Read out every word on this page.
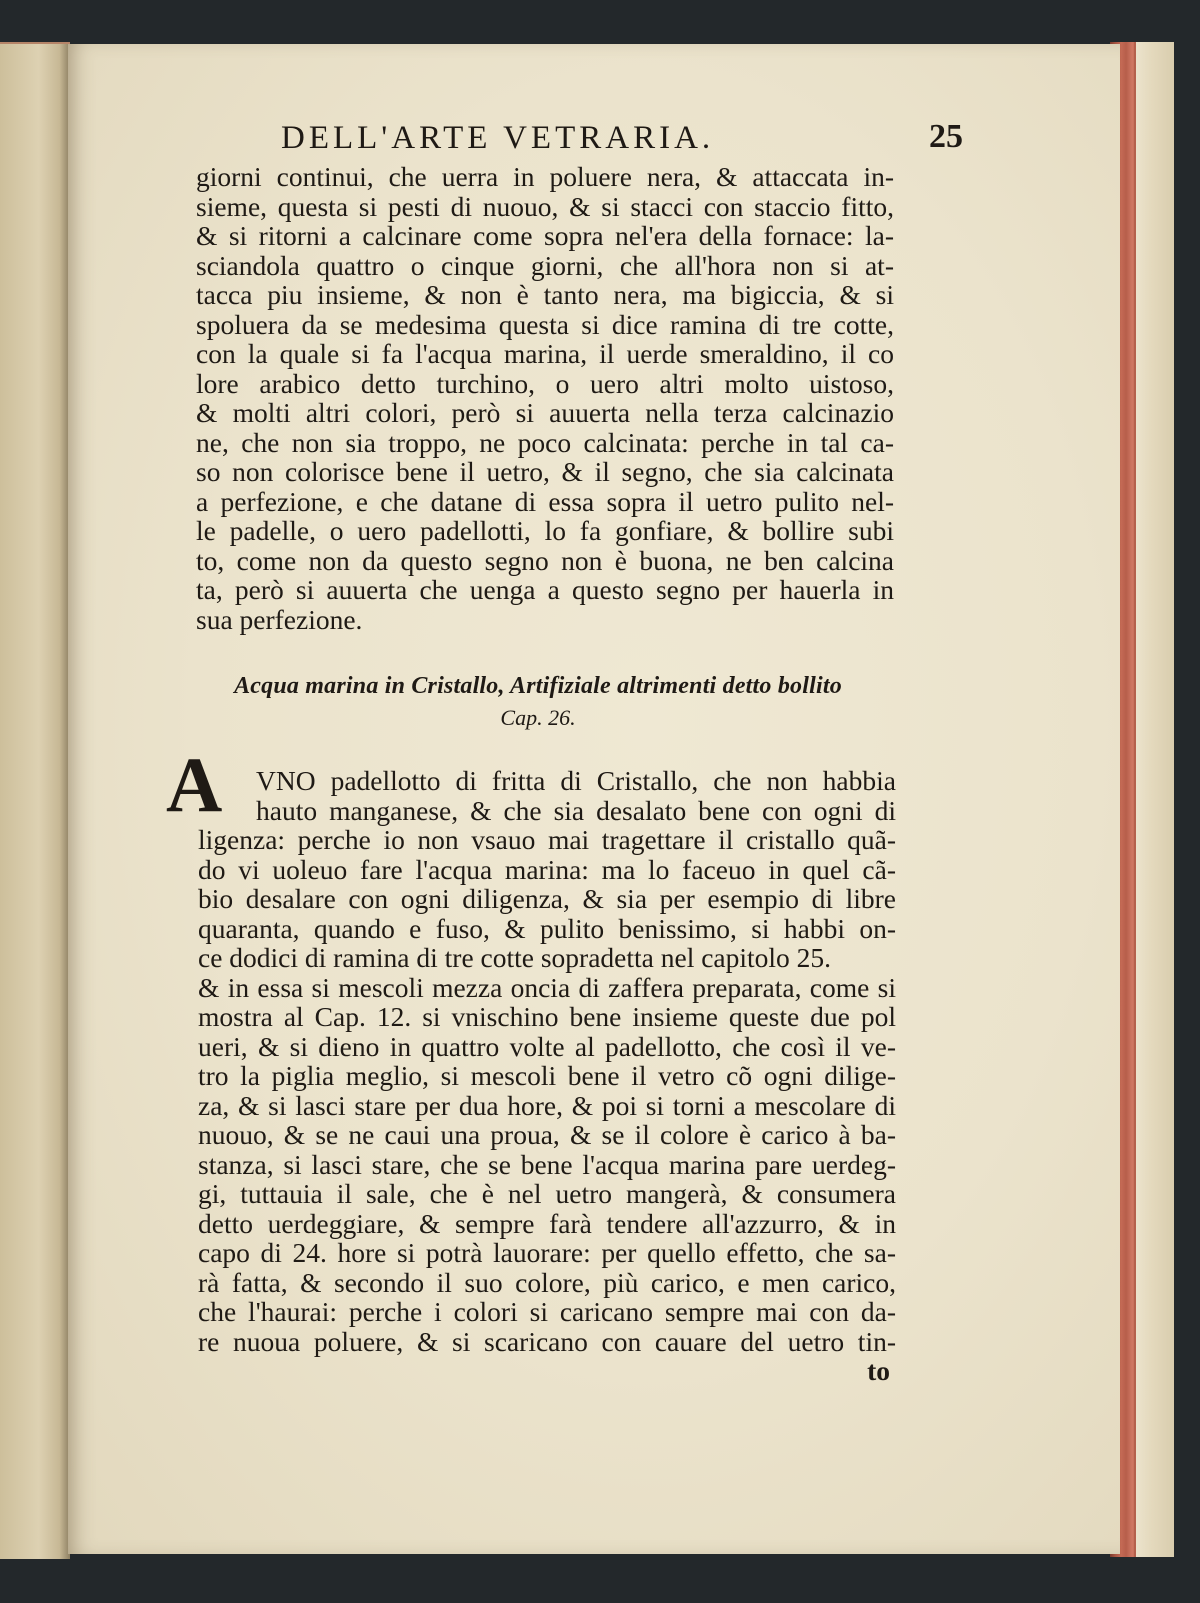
DELL'ARTE VETRARIA.	25
giorni continui, che uerra in poluere nera, & attaccata in-
sieme, questa si pesti di nuouo, & si stacci con staccio fitto,
& si ritorni a calcinare come sopra nel'era della fornace: la-
sciandola quattro o cinque giorni, che all'hora non si at-
tacca piu insieme, & non è tanto nera, ma bigiccia, & si
spoluera da se medesima questa si dice ramina di tre cotte,
con la quale si fa l'acqua marina, il uerde smeraldino, il co
lore arabico detto turchino, o uero altri molto uistoso,
& molti altri colori, però si auuerta nella terza calcinazio
ne, che non sia troppo, ne poco calcinata: perche in tal ca-
so non colorisce bene il uetro, & il segno, che sia calcinata
a perfezione, e che datane di essa sopra il uetro pulito nel-
le padelle, o uero padellotti, lo fa gonfiare, & bollire subi
to, come non da questo segno non è buona, ne ben calcina
ta, però si auuerta che uenga a questo segno per hauerla in
sua perfezione.
Acqua marina in Cristallo, Artifiziale altrimenti detto bollito
Cap. 26.
A	VNO padellotto di fritta di Cristallo, che non habbia
hauto manganese, & che sia desalato bene con ogni di
ligenza: perche io non vsauo mai tragettare il cristallo quã-
do vi uoleuo fare l'acqua marina: ma lo faceuo in quel cã-
bio desalare con ogni diligenza, & sia per esempio di libre
quaranta, quando e fuso, & pulito benissimo, si habbi on-
ce dodici di ramina di tre cotte sopradetta nel capitolo 25.
& in essa si mescoli mezza oncia di zaffera preparata, come si
mostra al Cap. 12. si vnischino bene insieme queste due pol
ueri, & si dieno in quattro volte al padellotto, che così il ve-
tro la piglia meglio, si mescoli bene il vetro cõ ogni dilige-
za, & si lasci stare per dua hore, & poi si torni a mescolare di
nuouo, & se ne caui una proua, & se il colore è carico à ba-
stanza, si lasci stare, che se bene l'acqua marina pare uerdeg-
gi, tuttauia il sale, che è nel uetro mangerà, & consumera
detto uerdeggiare, & sempre farà tendere all'azzurro, & in
capo di 24. hore si potrà lauorare: per quello effetto, che sa-
rà fatta, & secondo il suo colore, più carico, e men carico,
che l'haurai: perche i colori si caricano sempre mai con da-
re nuoua poluere, & si scaricano con cauare del uetro tin-
to
